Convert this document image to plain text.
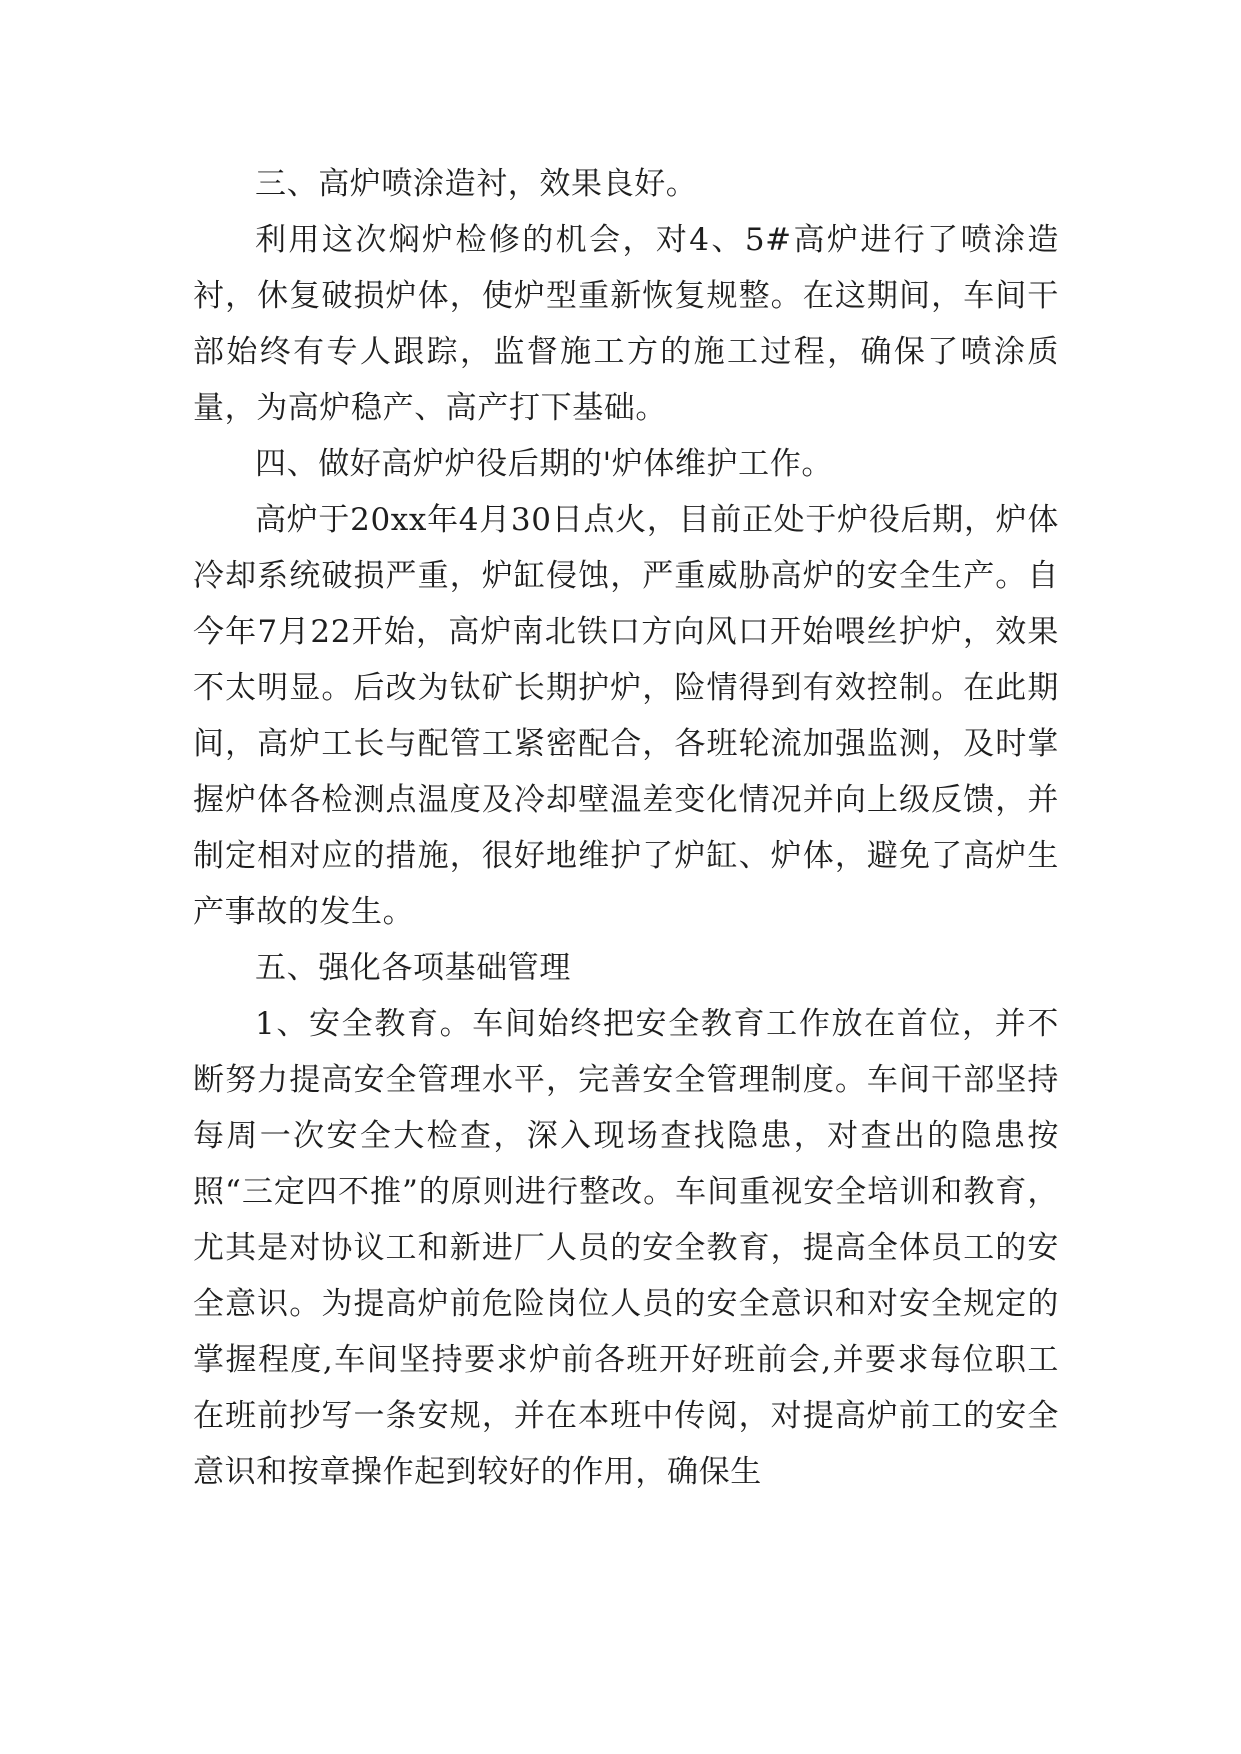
三、高炉喷涂造衬，效果良好。

利用这次焖炉检修的机会，对4、5#高炉进行了喷涂造衬，休复破损炉体，使炉型重新恢复规整。在这期间，车间干部始终有专人跟踪，监督施工方的施工过程，确保了喷涂质量，为高炉稳产、高产打下基础。

四、做好高炉炉役后期的'炉体维护工作。

高炉于20xx年4月30日点火，目前正处于炉役后期，炉体冷却系统破损严重，炉缸侵蚀，严重威胁高炉的安全生产。自今年7月22开始，高炉南北铁口方向风口开始喂丝护炉，效果不太明显。后改为钛矿长期护炉，险情得到有效控制。在此期间，高炉工长与配管工紧密配合，各班轮流加强监测，及时掌握炉体各检测点温度及冷却壁温差变化情况并向上级反馈，并制定相对应的措施，很好地维护了炉缸、炉体，避免了高炉生产事故的发生。

五、强化各项基础管理

1、安全教育。车间始终把安全教育工作放在首位，并不断努力提高安全管理水平，完善安全管理制度。车间干部坚持每周一次安全大检查，深入现场查找隐患，对查出的隐患按照“三定四不推”的原则进行整改。车间重视安全培训和教育，尤其是对协议工和新进厂人员的安全教育，提高全体员工的安全意识。为提高炉前危险岗位人员的安全意识和对安全规定的掌握程度,车间坚持要求炉前各班开好班前会,并要求每位职工在班前抄写一条安规，并在本班中传阅，对提高炉前工的安全意识和按章操作起到较好的作用，确保生
